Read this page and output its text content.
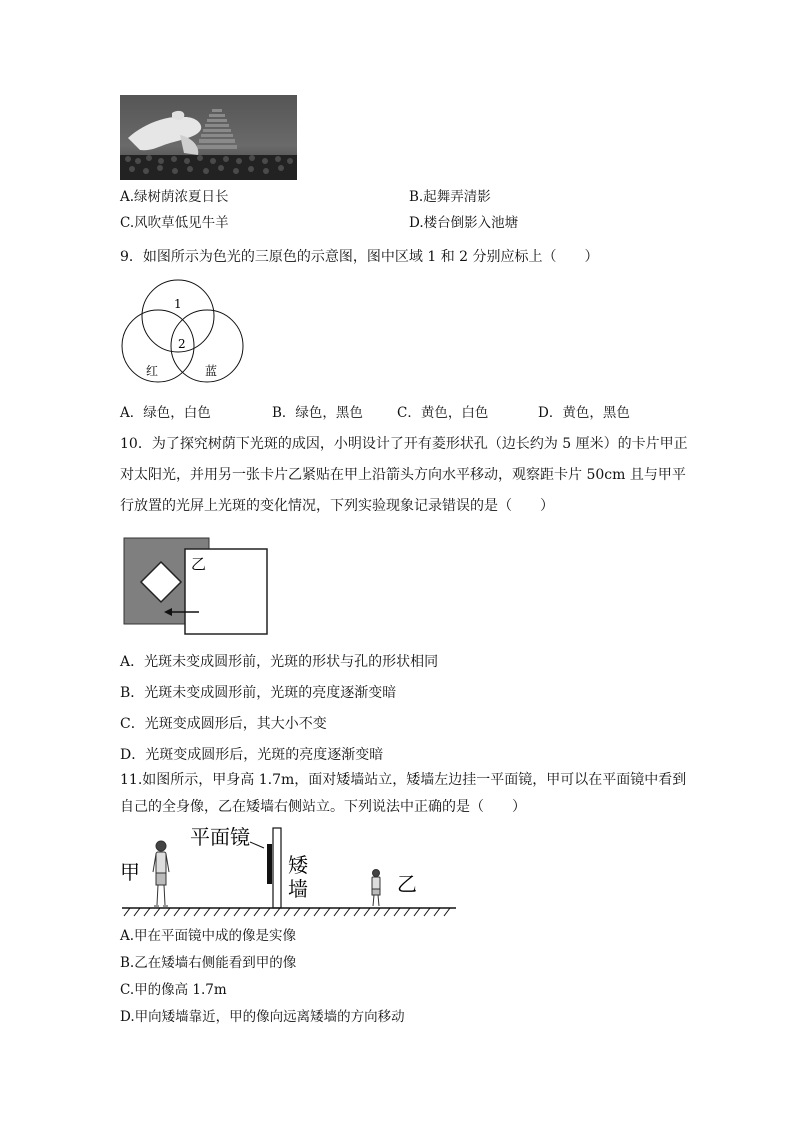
A.绿树荫浓夏日长	B.起舞弄清影
C.风吹草低见牛羊	D.楼台倒影入池塘
9．如图所示为色光的三原色的示意图，图中区域 1 和 2 分别应标上（　　）
1
2
红	蓝
A．绿色，白色	B．绿色，黑色	C．黄色，白色	D．黄色，黑色
10．为了探究树荫下光斑的成因，小明设计了开有菱形状孔（边长约为 5 厘米）的卡片甲正
对太阳光，并用另一张卡片乙紧贴在甲上沿箭头方向水平移动，观察距卡片 50cm 且与甲平
行放置的光屏上光斑的变化情况，下列实验现象记录错误的是（　　）
乙
A．光斑未变成圆形前，光斑的形状与孔的形状相同
B．光斑未变成圆形前，光斑的亮度逐渐变暗
C．光斑变成圆形后，其大小不变
D．光斑变成圆形后，光斑的亮度逐渐变暗
11.如图所示，甲身高 1.7m，面对矮墙站立，矮墙左边挂一平面镜，甲可以在平面镜中看到
自己的全身像，乙在矮墙右侧站立。下列说法中正确的是（　　）
甲
平面镜
矮
墙	乙
A.甲在平面镜中成的像是实像
B.乙在矮墙右侧能看到甲的像
C.甲的像高 1.7m
D.甲向矮墙靠近，甲的像向远离矮墙的方向移动
